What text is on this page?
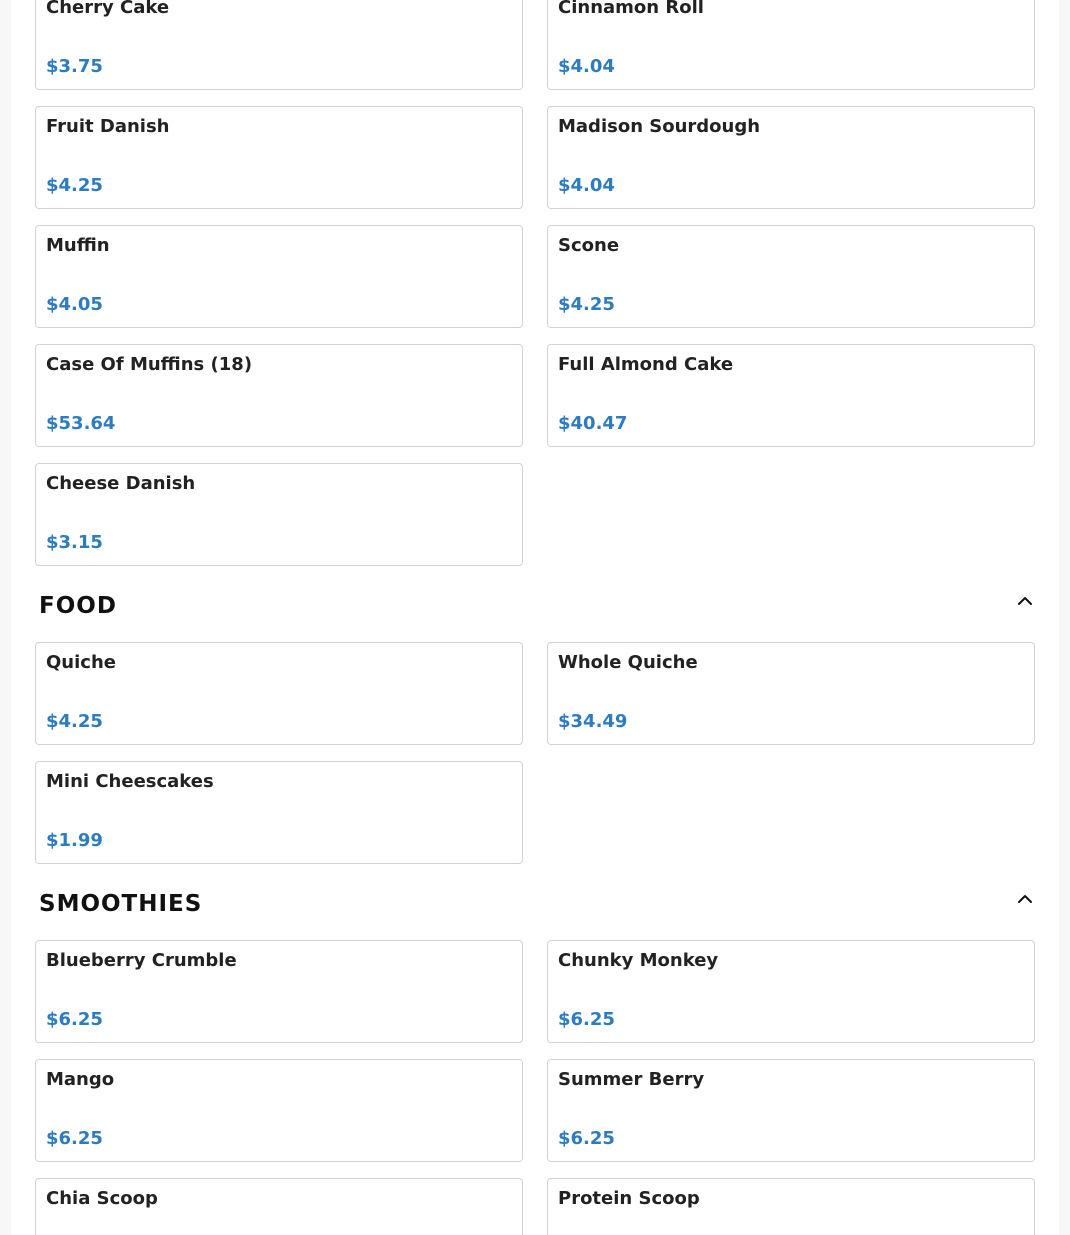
Cherry Cake
$3.75
Cinnamon Roll
$4.04
Fruit Danish
$4.25
Madison Sourdough
$4.04
Muffin
$4.05
Scone
$4.25
Case Of Muffins (18)
$53.64
Full Almond Cake
$40.47
Cheese Danish
$3.15
FOOD
Quiche
$4.25
Whole Quiche
$34.49
Mini Cheescakes
$1.99
SMOOTHIES
Blueberry Crumble
$6.25
Chunky Monkey
$6.25
Mango
$6.25
Summer Berry
$6.25
Chia Scoop	Protein Scoop
